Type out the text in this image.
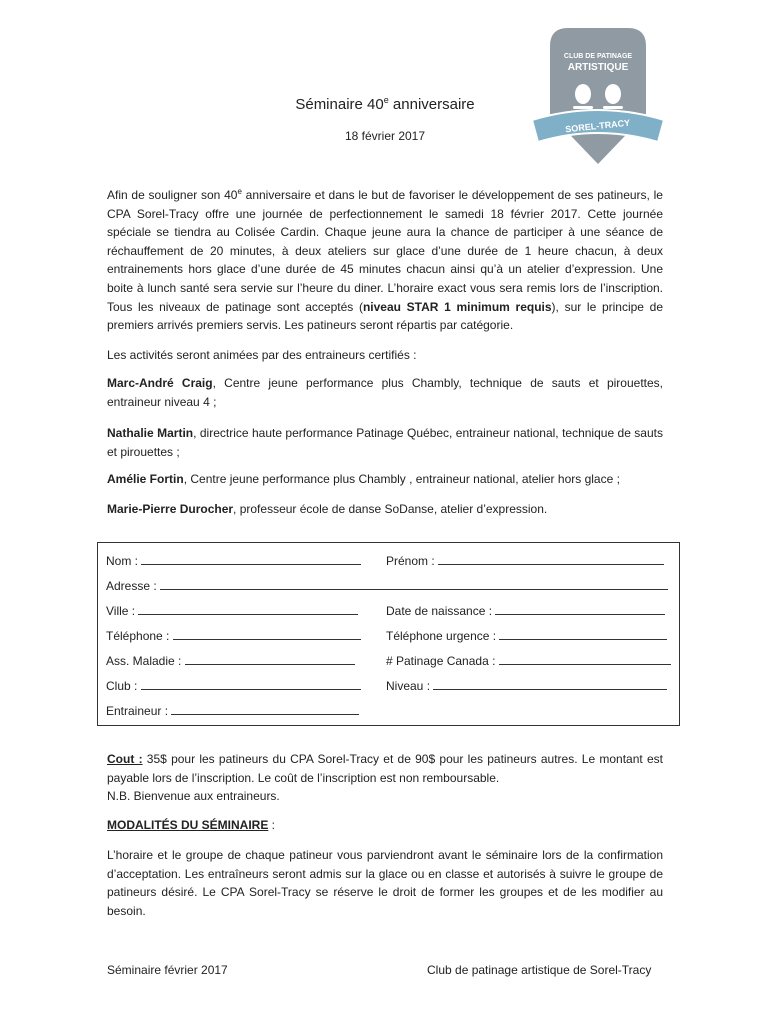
CLUB DE PATINAGE
ARTISTIQUE
SOREL-TRACY
Séminaire 40e anniversaire
18 février 2017
Afin de souligner son 40e anniversaire et dans le but de favoriser le développement de ses patineurs, le CPA Sorel-Tracy offre une journée de perfectionnement le samedi 18 février 2017. Cette journée spéciale se tiendra au Colisée Cardin. Chaque jeune aura la chance de participer à une séance de réchauffement de 20 minutes, à deux ateliers sur glace d’une durée de 1 heure chacun, à deux entrainements hors glace d’une durée de 45 minutes chacun ainsi qu’à un atelier d’expression. Une boite à lunch santé sera servie sur l’heure du diner. L’horaire exact vous sera remis lors de l’inscription. Tous les niveaux de patinage sont acceptés (niveau STAR 1 minimum requis), sur le principe de premiers arrivés premiers servis. Les patineurs seront répartis par catégorie.
Les activités seront animées par des entraineurs certifiés :
Marc-André Craig, Centre jeune performance plus Chambly, technique de sauts et pirouettes, entraineur niveau 4 ;
Nathalie Martin, directrice haute performance Patinage Québec, entraineur national, technique de sauts et pirouettes ;
Amélie Fortin, Centre jeune performance plus Chambly , entraineur national, atelier hors glace ;
Marie-Pierre Durocher, professeur école de danse SoDanse, atelier d’expression.
Nom :	Prénom :
Adresse :
Ville :	Date de naissance :
Téléphone :	Téléphone urgence :
Ass. Maladie :	# Patinage Canada :
Club :	Niveau :
Entraineur :
Cout : 35$ pour les patineurs du CPA Sorel-Tracy et de 90$ pour les patineurs autres. Le montant est payable lors de l’inscription. Le coût de l’inscription est non remboursable.
N.B. Bienvenue aux entraineurs.
MODALITÉS DU SÉMINAIRE :
L’horaire et le groupe de chaque patineur vous parviendront avant le séminaire lors de la confirmation d’acceptation. Les entraîneurs seront admis sur la glace ou en classe et autorisés à suivre le groupe de patineurs désiré. Le CPA Sorel-Tracy se réserve le droit de former les groupes et de les modifier au besoin.
Séminaire février 2017	Club de patinage artistique de Sorel-Tracy
